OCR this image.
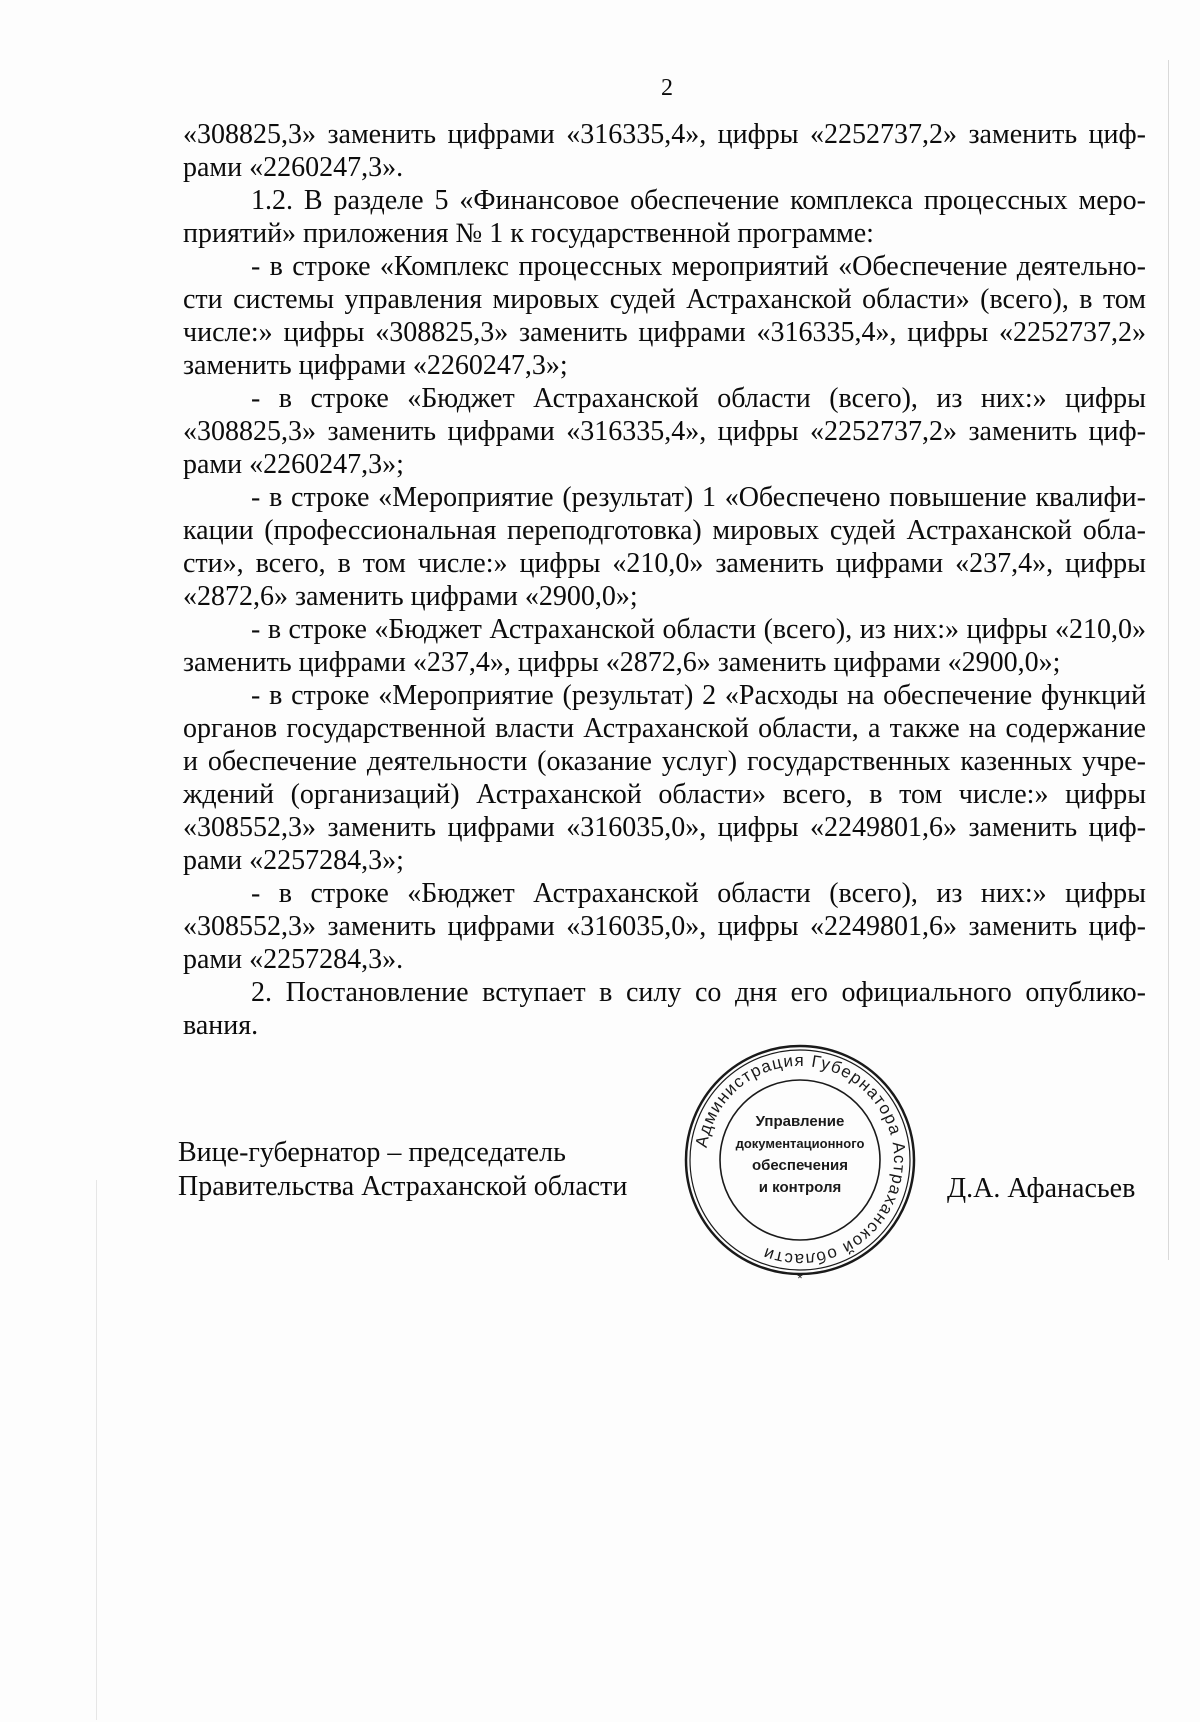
2

«308825,3» заменить цифрами «316335,4», цифры «2252737,2» заменить цифрами «2260247,3».

1.2. В разделе 5 «Финансовое обеспечение комплекса процессных мероприятий» приложения № 1 к государственной программе:

- в строке «Комплекс процессных мероприятий «Обеспечение деятельности системы управления мировых судей Астраханской области» (всего), в том числе:» цифры «308825,3» заменить цифрами «316335,4», цифры «2252737,2» заменить цифрами «2260247,3»;

- в строке «Бюджет Астраханской области (всего), из них:» цифры «308825,3» заменить цифрами «316335,4», цифры «2252737,2» заменить цифрами «2260247,3»;

- в строке «Мероприятие (результат) 1 «Обеспечено повышение квалификации (профессиональная переподготовка) мировых судей Астраханской области», всего, в том числе:» цифры «210,0» заменить цифрами «237,4», цифры «2872,6» заменить цифрами «2900,0»;

- в строке «Бюджет Астраханской области (всего), из них:» цифры «210,0» заменить цифрами «237,4», цифры «2872,6» заменить цифрами «2900,0»;

- в строке «Мероприятие (результат) 2 «Расходы на обеспечение функций органов государственной власти Астраханской области, а также на содержание и обеспечение деятельности (оказание услуг) государственных казенных учреждений (организаций) Астраханской области» всего, в том числе:» цифры «308552,3» заменить цифрами «316035,0», цифры «2249801,6» заменить цифрами «2257284,3»;

- в строке «Бюджет Астраханской области (всего), из них:» цифры «308552,3» заменить цифрами «316035,0», цифры «2249801,6» заменить цифрами «2257284,3».

2. Постановление вступает в силу со дня его официального опубликования.

Вице-губернатор – председатель
Правительства Астраханской области	Д.А. Афанасьев
Администрация Губернатора Астраханской области
*
Управление
документационного
обеспечения
и контроля
